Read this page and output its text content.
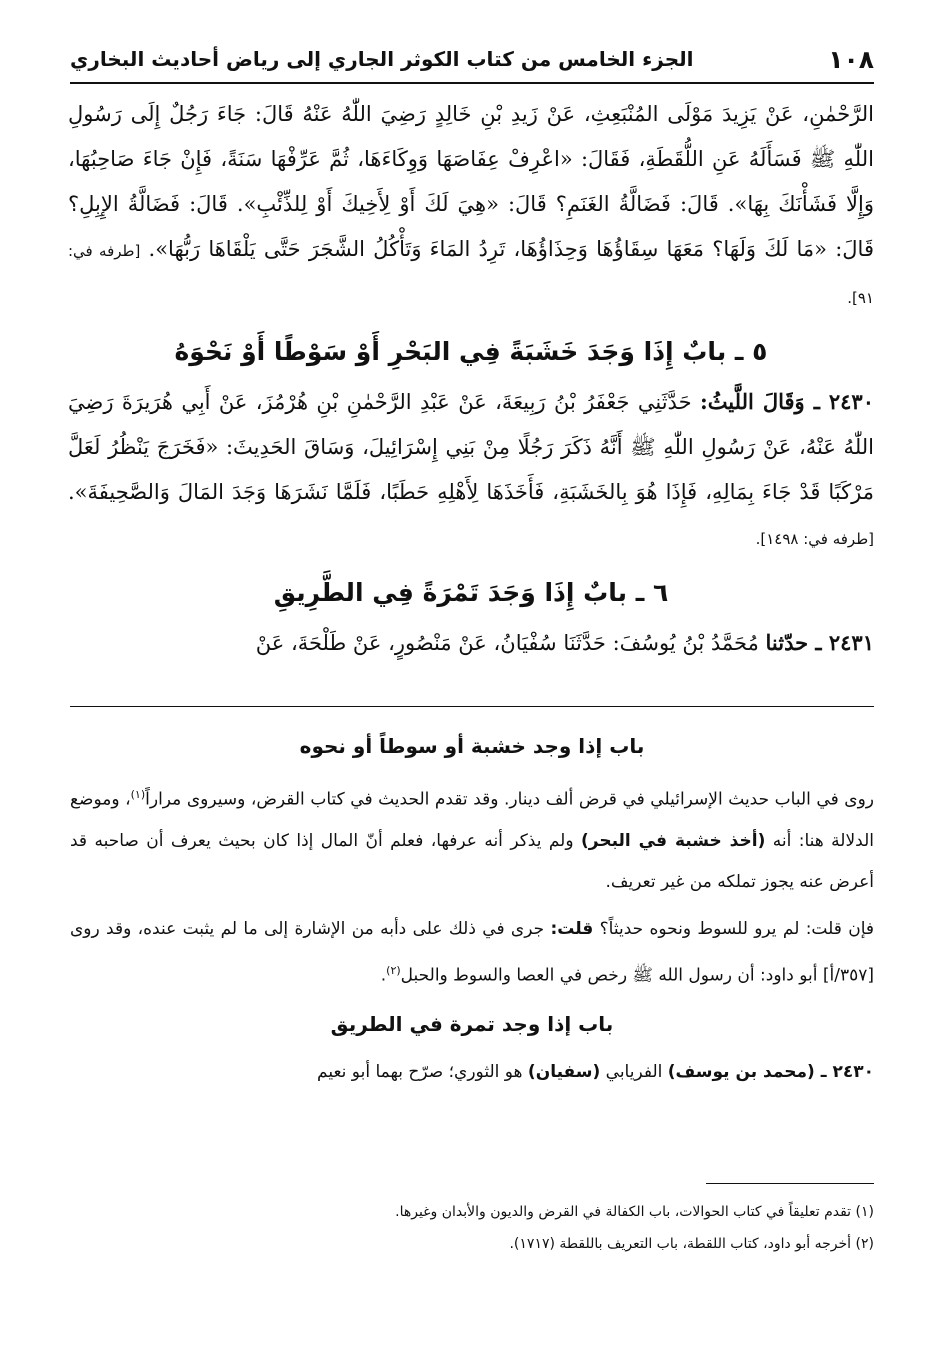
١٠٨
الجزء الخامس من كتاب الكوثر الجاري إلى رياض أحاديث البخاري

الرَّحْمٰنِ، عَنْ يَزِيدَ مَوْلَى المُنْبَعِثِ، عَنْ زَيدِ بْنِ خَالِدٍ رَضِيَ اللّٰهُ عَنْهُ قَالَ: جَاءَ رَجُلٌ إِلَى رَسُولِ اللّٰهِ ﷺ فَسَأَلَهُ عَنِ اللُّقَطَةِ، فَقَالَ: «اعْرِفْ عِفَاصَهَا وَوِكَاءَهَا، ثُمَّ عَرِّفْهَا سَنَةً، فَإِنْ جَاءَ صَاحِبُهَا، وَإِلَّا فَشَأْنَكَ بِهَا». قَالَ: فَضَالَّةُ الغَنَمِ؟ قَالَ: «هِيَ لَكَ أَوْ لِأَخِيكَ أَوْ لِلذِّئْبِ». قَالَ: فَضَالَّةُ الإِبِلِ؟ قَالَ: «مَا لَكَ وَلَهَا؟ مَعَهَا سِقَاؤُهَا وَحِذَاؤُهَا، تَرِدُ المَاءَ وَتَأْكُلُ الشَّجَرَ حَتَّى يَلْقَاهَا رَبُّهَا». [طرفه في: ٩١].

٥ ـ بابٌ إِذَا وَجَدَ خَشَبَةً فِي البَحْرِ أَوْ سَوْطًا أَوْ نَحْوَهُ

٢٤٣٠ ـ وَقَالَ اللَّيثُ: حَدَّثَنِي جَعْفَرُ بْنُ رَبِيعَةَ، عَنْ عَبْدِ الرَّحْمٰنِ بْنِ هُرْمُزَ، عَنْ أَبِي هُرَيرَةَ رَضِيَ اللّٰهُ عَنْهُ، عَنْ رَسُولِ اللّٰهِ ﷺ أَنَّهُ ذَكَرَ رَجُلًا مِنْ بَنِي إِسْرَائِيلَ، وَسَاقَ الحَدِيثَ: «فَخَرَجَ يَنْظُرُ لَعَلَّ مَرْكَبًا قَدْ جَاءَ بِمَالِهِ، فَإِذَا هُوَ بِالخَشَبَةِ، فَأَخَذَهَا لِأَهْلِهِ حَطَبًا، فَلَمَّا نَشَرَهَا وَجَدَ المَالَ وَالصَّحِيفَةَ». [طرفه في: ١٤٩٨].

٦ ـ بابٌ إِذَا وَجَدَ تَمْرَةً فِي الطَّرِيقِ

٢٤٣١ ـ حدّثنا مُحَمَّدُ بْنُ يُوسُفَ: حَدَّثَنَا سُفْيَانُ، عَنْ مَنْصُورٍ، عَنْ طَلْحَةَ، عَنْ

باب إذا وجد خشبة أو سوطاً أو نحوه

روى في الباب حديث الإسرائيلي في قرض ألف دينار. وقد تقدم الحديث في كتاب القرض، وسيروى مراراً$^{(١)}$، وموضع الدلالة هنا: أنه (أخذ خشبة في البحر) ولم يذكر أنه عرفها، فعلم أنّ المال إذا كان بحيث يعرف أن صاحبه قد أعرض عنه يجوز تملكه من غير تعريف.

فإن قلت: لم يرو للسوط ونحوه حديثاً؟ قلت: جرى في ذلك على دأبه من الإشارة إلى ما لم يثبت عنده، وقد روى [٣٥٧/أ] أبو داود: أن رسول الله ﷺ رخص في العصا والسوط والحبل$^{(٢)}$.

باب إذا وجد تمرة في الطريق

٢٤٣٠ ـ (محمد بن يوسف) الفريابي (سفيان) هو الثوري؛ صرّح بهما أبو نعيم

(١) تقدم تعليقاً في كتاب الحوالات، باب الكفالة في القرض والديون والأبدان وغيرها.

(٢) أخرجه أبو داود، كتاب اللقطة، باب التعريف باللقطة (١٧١٧).
